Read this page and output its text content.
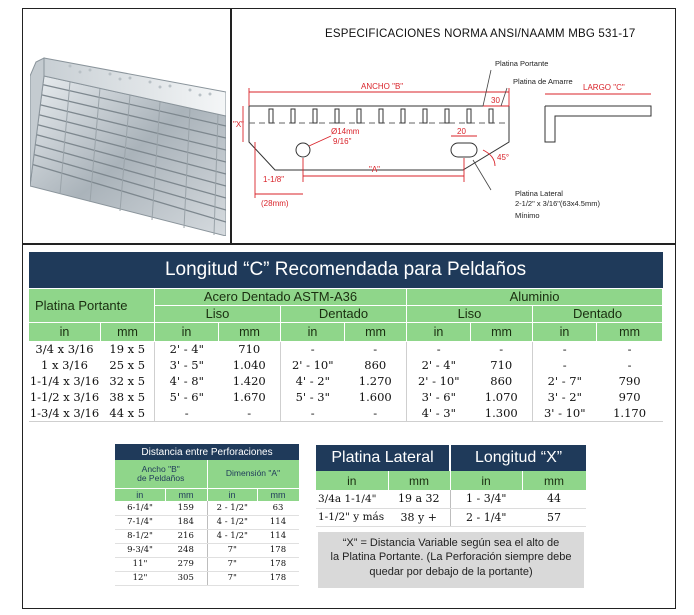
ESPECIFICACIONES NORMA ANSI/NAAMM MBG 531-17
ANCHO "B"
30
LARGO "C"
"X"
Ø14mm
9/16"
"A"
1-1/8"
(28mm)
20
45°
Platina Portante
Platina de Amarre
Platina Lateral
2-1/2" x 3/16"(63x4.5mm)
Mínimo
Longitud “C” Recomendada para Peldaños									
Platina Portante		Acero Dentado ASTM-A36				Aluminio			
		Liso		Dentado		Liso		Dentado	
in	mm	in	mm	in	mm	in	mm	in	mm
3/4 x 3/16	19 x 5	2' - 4"	710	-	-	-	-	-	-
1 x 3/16	25 x 5	3' - 5"	1.040	2' - 10"	860	2' - 4"	710	-	-
1-1/4 x 3/16	32 x 5	4' - 8"	1.420	4' - 2"	1.270	2' - 10"	860	2' - 7"	790
1-1/2 x 3/16	38 x 5	5' - 6"	1.670	5' - 3"	1.600	3' - 6"	1.070	3' - 2"	970
1-3/4 x 3/16	44 x 5	-	-	-	-	4' - 3"	1.300	3' - 10"	1.170
Distancia entre Perforaciones			
Ancho "B"
de Peldaños		Dimensión "A"	
in	mm	in	mm
6-1/4"	159	2 - 1/2"	63
7-1/4"	184	4 - 1/2"	114
8-1/2"	216	4 - 1/2"	114
9-3/4"	248	7"	178
11"	279	7"	178
12"	305	7"	178
Platina Lateral		Longitud “X”	
in	mm	in	mm
3/4a 1-1/4"	19 a 32	1 - 3/4"	44
1-1/2" y más	38 y +	2 - 1/4"	57
“X” = Distancia Variable según sea el alto de
la Platina Portante. (La Perforación siempre debe
quedar por debajo de la portante)
